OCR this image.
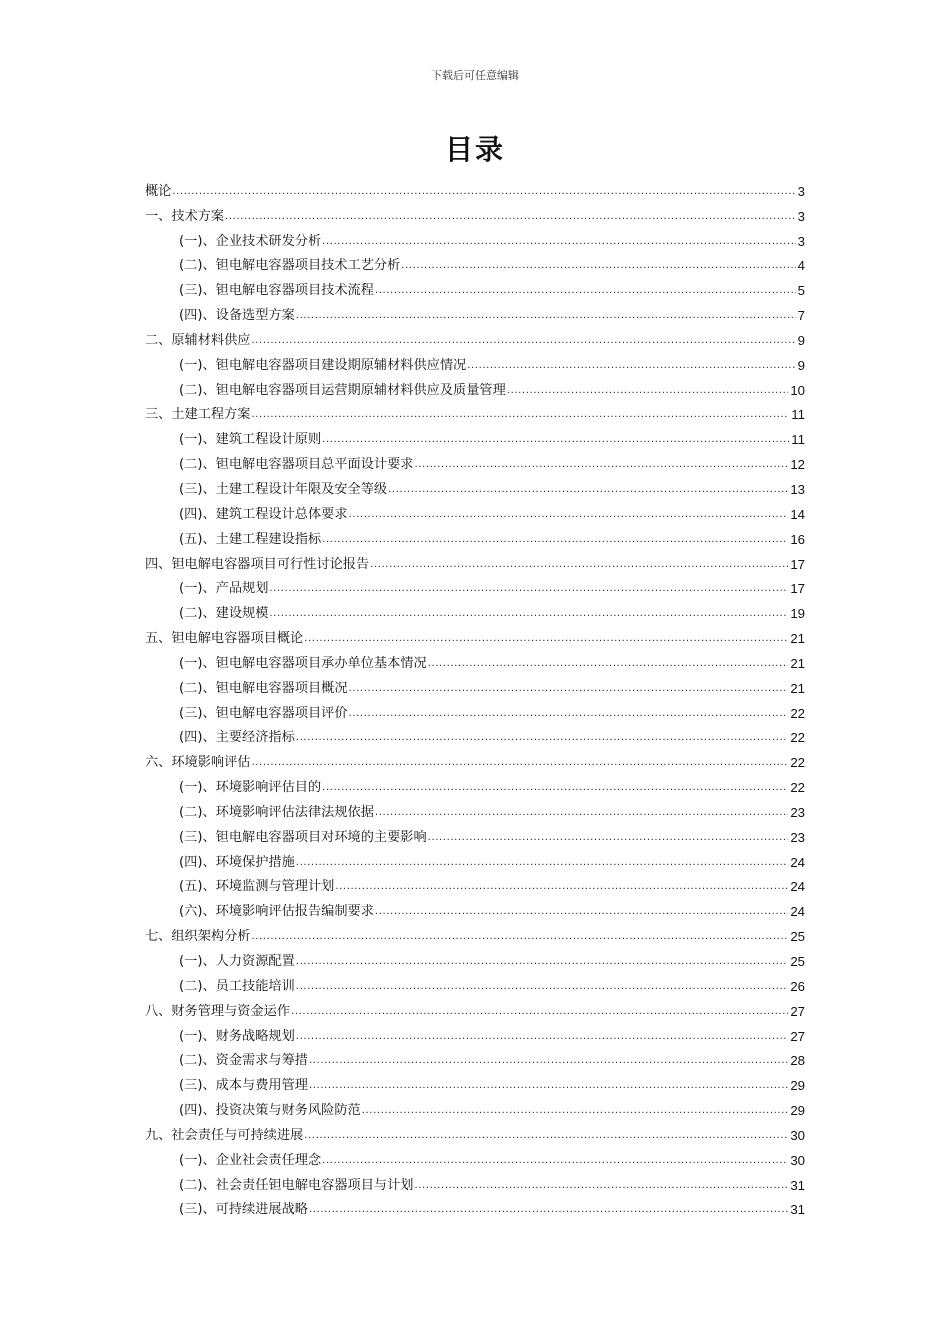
下载后可任意编辑
目录
概论 .....	3
一、技术方案 .....	3
(一)、企业技术研发分析 .....	3
(二)、钽电解电容器项目技术工艺分析 .....	4
(三)、钽电解电容器项目技术流程 .....	5
(四)、设备选型方案 .....	7
二、原辅材料供应 .....	9
(一)、钽电解电容器项目建设期原辅材料供应情况 .....	9
(二)、钽电解电容器项目运营期原辅材料供应及质量管理 .....	10
三、土建工程方案 .....	11
(一)、建筑工程设计原则 .....	11
(二)、钽电解电容器项目总平面设计要求 .....	12
(三)、土建工程设计年限及安全等级 .....	13
(四)、建筑工程设计总体要求 .....	14
(五)、土建工程建设指标 .....	16
四、钽电解电容器项目可行性讨论报告 .....	17
(一)、产品规划 .....	17
(二)、建设规模 .....	19
五、钽电解电容器项目概论 .....	21
(一)、钽电解电容器项目承办单位基本情况 .....	21
(二)、钽电解电容器项目概况 .....	21
(三)、钽电解电容器项目评价 .....	22
(四)、主要经济指标 .....	22
六、环境影响评估 .....	22
(一)、环境影响评估目的 .....	22
(二)、环境影响评估法律法规依据 .....	23
(三)、钽电解电容器项目对环境的主要影响 .....	23
(四)、环境保护措施 .....	24
(五)、环境监测与管理计划 .....	24
(六)、环境影响评估报告编制要求 .....	24
七、组织架构分析 .....	25
(一)、人力资源配置 .....	25
(二)、员工技能培训 .....	26
八、财务管理与资金运作 .....	27
(一)、财务战略规划 .....	27
(二)、资金需求与筹措 .....	28
(三)、成本与费用管理 .....	29
(四)、投资决策与财务风险防范 .....	29
九、社会责任与可持续进展 .....	30
(一)、企业社会责任理念 .....	30
(二)、社会责任钽电解电容器项目与计划 .....	31
(三)、可持续进展战略 .....	31
